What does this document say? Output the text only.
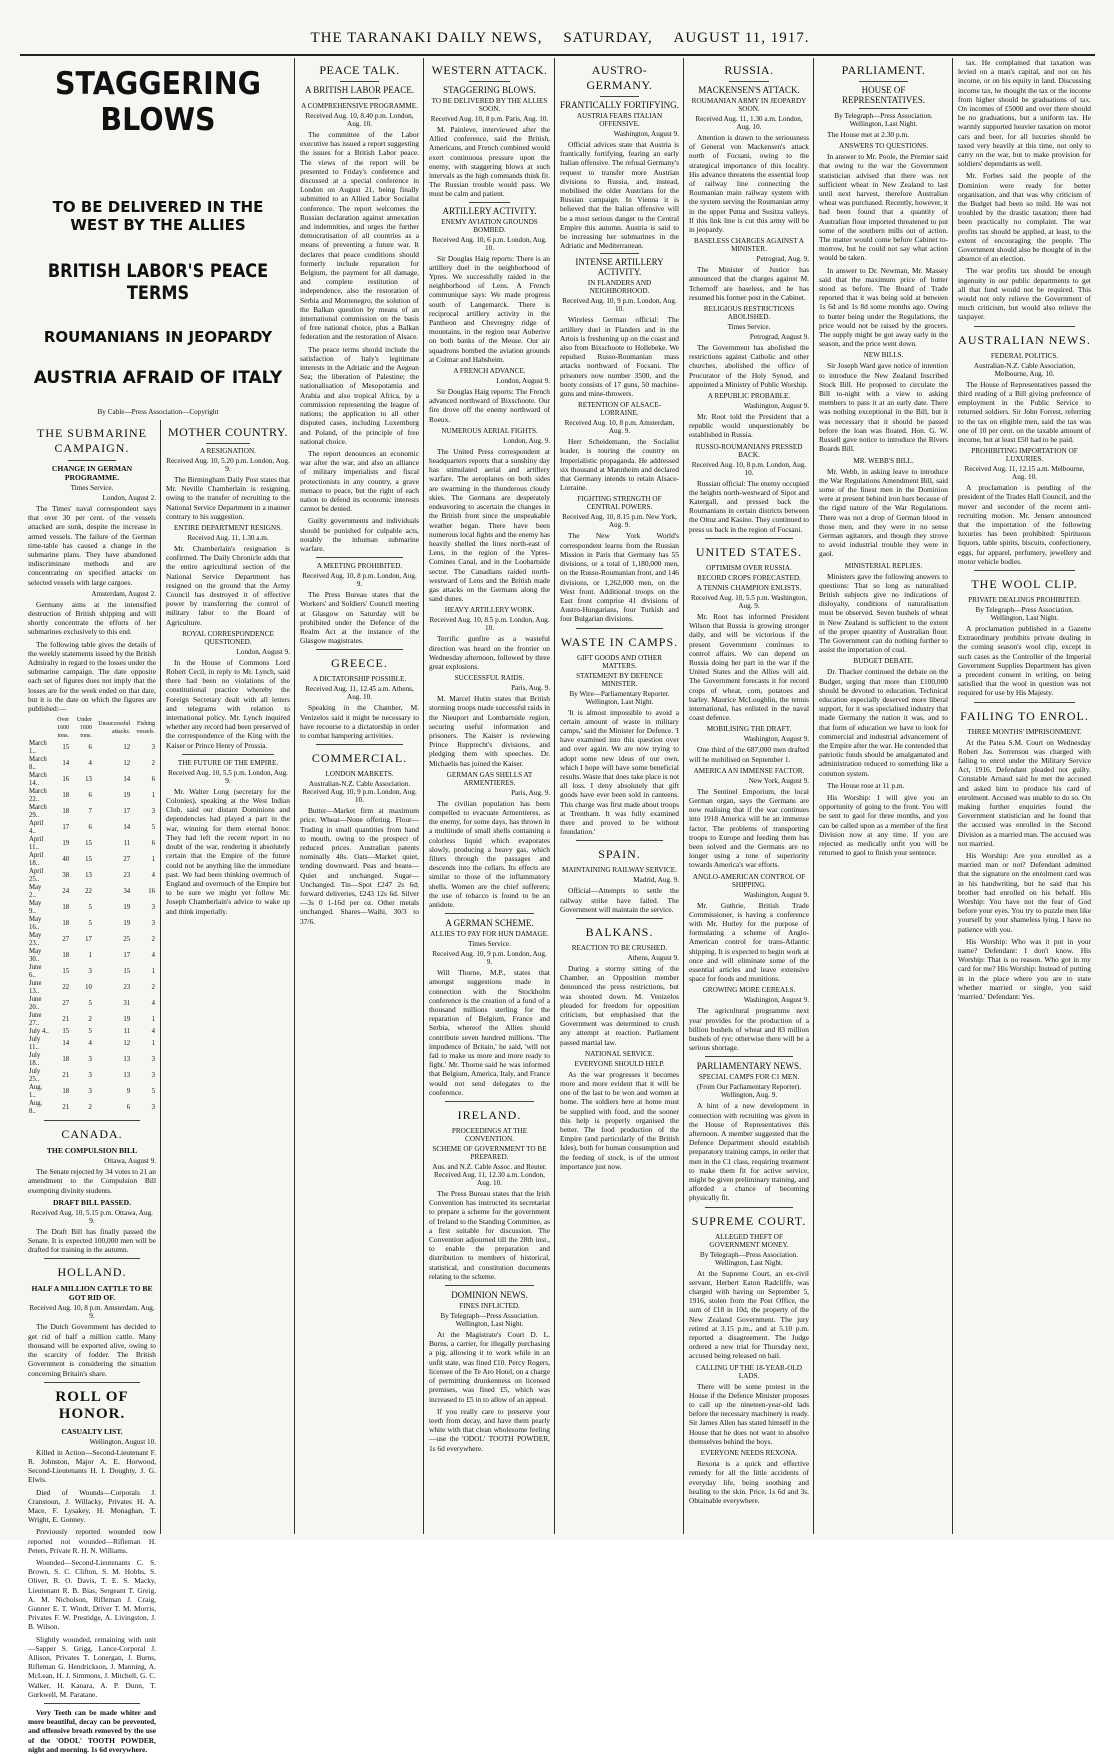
THE TARANAKI DAILY NEWS, SATURDAY, AUGUST 11, 1917.

STAGGERING BLOWS

TO BE DELIVERED IN THE WEST BY THE ALLIES

BRITISH LABOR'S PEACE TERMS

ROUMANIANS IN JEOPARDY

AUSTRIA AFRAID OF ITALY

By Cable—Press Association—Copyright

THE SUBMARINE CAMPAIGN.
CHANGE IN GERMAN PROGRAMME.
Times Service.
London, August 2.

The Times' naval correspondent says that over 30 per cent. of the vessels attacked are sunk, despite the increase in armed vessels. The failure of the German time-table has caused a change in the submarine plans. They have abandoned indiscriminate methods and are concentrating on specified attacks on selected vessels with large cargoes.

Amsterdam, August 2.

Germany aims at the intensified destruction of British shipping and will shortly concentrate the efforts of her submarines exclusively to this end.

The following table gives the details of the weekly statements issued by the British Admiralty in regard to the losses under the submarine campaign. The date opposite each set of figures does not imply that the losses are for the week ended on that date, but it is the date on which the figures are published:—

	Over 1600 tons.	Under 1600 tons.	Unsuccessful attacks.	Fishing vessels.
March 1..	15	6	12	3
March 8..	14	4	12	2
March 14..	16	13	14	6
March 22..	18	6	19	1
March 29..	18	7	17	3
April 4..	17	6	14	5
April 11..	19	15	11	6
April 18..	40	15	27	1
April 25..	38	13	23	4
May 2..	24	22	34	16
May 9..	18	5	19	3
May 16..	18	5	19	3
May 23..	27	17	25	2
May 30..	18	1	17	4
June 6..	15	3	15	1
June 13..	22	10	23	2
June 20..	27	5	31	4
June 27..	21	2	19	1
July 4..	15	5	11	4
July 11..	14	4	12	1
July 18..	18	3	13	3
July 25..	21	3	13	3
Aug. 1..	18	3	9	5
Aug. 8..	21	2	6	3
CANADA.
THE COMPULSION BILL
Ottawa, August 9.

The Senate rejected by 34 votes to 21 an amendment to the Compulsion Bill exempting divinity students.

DRAFT BILL PASSED.
Received Aug. 10, 5.15 p.m. Ottawa, Aug. 9.

The Draft Bill has finally passed the Senate. It is expected 100,000 men will be drafted for training in the autumn.

HOLLAND.
HALF A MILLION CATTLE TO BE GOT RID OF.
Received Aug. 10, 8 p.m. Amsterdam, Aug. 9.

The Dutch Government has decided to get rid of half a million cattle. Many thousand will be exported alive, owing to the scarcity of fodder. The British Government is considering the situation concerning Britain's share.

ROLL OF HONOR.
CASUALTY LIST.
Wellington, August 10.

Killed in Action—Second-Lieutenant F. R. Johnston, Major A. E. Horwood, Second-Lieutenants H. I. Doughty, J. G. Elwis.

Died of Wounds—Corporals J. Cranstoun, J. Willacky, Privates H. A. Mace, F. Lysakey, H. Monaghan, T. Wright, E. Gonney.

Previously reported wounded now reported not wounded—Rifleman H. Peters, Private R. H. N. Williams.

Wounded—Second-Lieutenants C. S. Brown, S. C. Clifton, S. M. Hobbs, S. Oliver, R. O. Davis, T. E. S. Macky, Lieutenant R. B. Bias, Sergeant T. Greig, A. M. Nicholson, Rifleman J. Craig, Gunner E. T. Windt, Driver T. M. Morris, Privates F. W. Prestidge, A. Livingston, J. B. Wilson.

Slightly wounded, remaining with unit—Sapper S. Grigg, Lance-Corporal J. Allison, Privates T. Lonergan, J. Burns, Rifleman G. Hendrickson, J. Manning, A. McLean, H. J. Simmons, J. Mitchell, G. C. Walker, H. Kanara, A. P. Dunn, T. Gurkwell, M. Paratane.

Very Teeth can be made whiter and more beautiful, decay can be prevented, and offensive breath removed by the use of the 'ODOL' TOOTH POWDER, night and morning. 1s 6d everywhere.

PEACE TALK.
A BRITISH LABOR PEACE.
A COMPREHENSIVE PROGRAMME.
Received Aug. 10, 8.40 p.m. London, Aug. 10.

The committee of the Labor executive has issued a report suggesting the issues for a British Labor peace. The views of the report will be presented to Friday's conference and discussed at a special conference in London on August 21, being finally submitted to an Allied Labor Socialist conference. The report welcomes the Russian declaration against annexation and indemnities, and urges the further democratisation of all countries as a means of preventing a future war. It declares that peace conditions should formerly include reparation for Belgium, the payment for all damage, and complete restitution of independence, also the restoration of Serbia and Montenegro, the solution of the Balkan question by means of an international commission on the basis of free national choice, plus a Balkan federation and the restoration of Alsace.

The peace terms should include the satisfaction of Italy's legitimate interests in the Adriatic and the Aegean Sea; the liberation of Palestine; the nationalisation of Mesopotamia and Arabia and also tropical Africa, by a commission representing the league of nations; the application to all other disputed cases, including Luxemburg and Poland, of the principle of free national choice.

The report denounces an economic war after the war, and also an alliance of military imperialists and fiscal protectionists in any country, a grave menace to peace, but the right of each nation to defend its economic interests cannot be denied.

Guilty governments and individuals should be punished for culpable acts, notably the inhuman submarine warfare.

A MEETING PROHIBITED.
Received Aug. 10, 8 p.m. London, Aug. 9.

The Press Bureau states that the Workers' and Soldiers' Council meeting at Glasgow on Saturday will be prohibited under the Defence of the Realm Act at the instance of the Glasgow magistrates.

GREECE.
A DICTATORSHIP POSSIBLE.
Received Aug. 11, 12.45 a.m. Athens, Aug. 10.

Speaking in the Chamber, M. Venizelos said it might be necessary to have recourse to a dictatorship in order to combat hampering activities.

COMMERCIAL.
LONDON MARKETS.
Australian-N.Z. Cable Association. Received Aug. 10, 9 p.m. London, Aug. 10.

Butter—Market firm at maximum price. Wheat—None offering. Flour—Trading in small quantities from hand to mouth, owing to the prospect of reduced prices. Australian patents nominally 48s. Oats—Market quiet, tending downward. Peas and beans—Quiet and unchanged. Sugar—Unchanged. Tin—Spot £247 2s 6d; forward deliveries, £243 12s 6d. Silver—3s 0 1-16d per oz. Other metals unchanged. Shares—Waihi, 30/3 to 37/6.

MOTHER COUNTRY.
A RESIGNATION.
Received Aug. 10, 5.20 p.m. London, Aug. 9.

The Birmingham Daily Post states that Mr. Neville Chamberlain is resigning, owing to the transfer of recruiting to the National Service Department in a manner contrary to his suggestion.

ENTIRE DEPARTMENT RESIGNS.
Received Aug. 11, 1.30 a.m.

Mr. Chamberlain's resignation is confirmed. The Daily Chronicle adds that the entire agricultural section of the National Service Department has resigned on the ground that the Army Council has destroyed it of effective power by transferring the control of military labor to the Board of Agriculture.

ROYAL CORRESPONDENCE QUESTIONED.
London, August 9.

In the House of Commons Lord Robert Cecil, in reply to Mr. Lynch, said there had been no violations of the constitutional practice whereby the Foreign Secretary dealt with all letters and telegrams with relation to international policy. Mr. Lynch inquired whether any record had been preserved of the correspondence of the King with the Kaiser or Prince Henry of Prussia.

THE FUTURE OF THE EMPIRE.
Received Aug. 10, 5.5 p.m. London, Aug. 9.

Mr. Walter Long (secretary for the Colonies), speaking at the West Indian Club, said our distant Dominions and dependencies had played a part in the war, winning for them eternal honor. They had left the recent report in no doubt of the war, rendering it absolutely certain that the Empire of the future could not be anything like the immediate past. We had been thinking overmuch of England and overmuch of the Empire but to be sure we might yet follow Mr. Joseph Chamberlain's advice to wake up and think imperially.

WESTERN ATTACK.
STAGGERING BLOWS.
TO BE DELIVERED BY THE ALLIES SOON.
Received Aug. 10, 8 p.m. Paris, Aug. 10.

M. Painleve, interviewed after the Allied conference, said the British, Americans, and French combined would exert continuous pressure upon the enemy, with staggering blows at such intervals as the high commands think fit. The Russian trouble would pass. We must be calm and patient.

ARTILLERY ACTIVITY.
ENEMY AVIATION GROUNDS BOMBED.
Received Aug. 10, 6 p.m. London, Aug. 10.

Sir Douglas Haig reports: There is an artillery duel in the neighborhood of Ypres. We successfully raided in the neighborhood of Lens. A French communique says: We made progress south of Langemarck. There is reciprocal artillery activity in the Pantheon and Chevregny ridge of mountains, in the region near Auberive on both banks of the Meuse. Our air squadrons bombed the aviation grounds at Colmar and Habsheim.

A FRENCH ADVANCE.
London, August 9.

Sir Douglas Haig reports: The French advanced northward of Bixschoote. Our fire drove off the enemy northward of Roeux.

NUMEROUS AERIAL FIGHTS.
London, Aug. 9.

The United Press correspondent at headquarters reports that a sunshiny day has stimulated aerial and artillery warfare. The aeroplanes on both sides are swarming in the thunderous cloudy skies. The Germans are desperately endeavoring to ascertain the changes in the British front since the unspeakable weather began. There have been numerous local fights and the enemy has heavily shelled the lines north-east of Lens, in the region of the Ypres-Comines Canal, and in the Loobartside sector. The Canadians raided north-westward of Lens and the British made gas attacks on the Germans along the sand dunes.

HEAVY ARTILLERY WORK.
Received Aug. 10, 8.5 p.m. London, Aug. 10.

Terrific gunfire as a wasteful direction was heard on the frontier on Wednesday afternoon, followed by three great explosions.

SUCCESSFUL RAIDS.
Paris, Aug. 9.

M. Marcel Hutin states that British storming troops made successful raids in the Nieuport and Lombartside region, securing useful information and prisoners. The Kaiser is reviewing Prince Rupprecht's divisions, and pledging them with speeches. Dr. Michaelis has joined the Kaiser.

GERMAN GAS SHELLS AT ARMENTIERES.
Paris, Aug. 9.

The civilian population has been compelled to evacuate Armentieres, as the enemy, for some days, has thrown in a multitude of small shells containing a colorless liquid which evaporates slowly, producing a heavy gas, which filters through the passages and descends into the cellars. Its effects are similar to those of the inflammatory shells. Women are the chief sufferers; the use of tobacco is found to be an antidote.

A GERMAN SCHEME.
ALLIES TO PAY FOR HUN DAMAGE.
Times Service.
Received Aug. 10, 9 p.m. London, Aug. 9.

Will Thorne, M.P., states that amongst suggestions made in connection with the Stockholm conference is the creation of a fund of a thousand millions sterling for the reparation of Belgium, France and Serbia, whereof the Allies should contribute seven hundred millions. 'The impudence of Britain,' he said, 'will not fail to make us more and more ready to fight.' Mr. Thorne said he was informed that Belgium, America, Italy, and France would not send delegates to the conference.

IRELAND.
PROCEEDINGS AT THE CONVENTION.
SCHEME OF GOVERNMENT TO BE PREPARED.
Aus. and N.Z. Cable Assoc. and Reuter. Received Aug. 11, 12.30 a.m. London, Aug. 10.

The Press Bureau states that the Irish Convention has instructed its secretariat to prepare a scheme for the government of Ireland to the Standing Committee, as a first suitable for discussion. The Convention adjourned till the 28th inst., to enable the preparation and distribution to members of historical, statistical, and constitution documents relating to the scheme.

DOMINION NEWS.
FINES INFLICTED.
By Telegraph—Press Association. Wellington, Last Night.

At the Magistrate's Court D. L. Burns, a carrier, for illegally purchasing a pig, allowing it to work while in an unfit state, was fined £10. Percy Rogers, licensee of the Te Aro Hotel, on a charge of permitting drunkenness on licensed premises, was fined £5, which was increased to £5 in to allow of an appeal.

If you really care to preserve your teeth from decay, and have them pearly white with that clean wholesome feeling—use the 'ODOL' TOOTH POWDER, 1s 6d everywhere.

AUSTRO-GERMANY.
FRANTICALLY FORTIFYING.
AUSTRIA FEARS ITALIAN OFFENSIVE.
Washington, August 9.

Official advices state that Austria is frantically fortifying, fearing an early Italian offensive. The refusal Germany's request to transfer more Austrian divisions to Russia, and, instead, mobilised the older Austrians for the Russian campaign. In Vienna it is believed that the Italian offensive will be a most serious danger to the Central Empire this autumn. Austria is said to be increasing her submarines in the Adriatic and Mediterranean.

INTENSE ARTILLERY ACTIVITY.
IN FLANDERS AND NEIGHBORHOOD.
Received Aug. 10, 9 p.m. London, Aug. 10.

Wireless German official: The artillery duel in Flanders and in the Artois is freshening up on the coast and also from Bixschoote to Hollebeke. We repulsed Russo-Roumanian mass attacks northward of Focsani. The prisoners now number 3500, and the booty consists of 17 guns, 50 machine-guns and mine-throwers.

RETENTION OF ALSACE-LORRAINE.
Received Aug. 10, 8 p.m. Amsterdam, Aug. 9.

Herr Scheidemann, the Socialist leader, is touring the country on Imperialistic propaganda. He addressed six thousand at Mannheim and declared that Germany intends to retain Alsace-Lorraine.

FIGHTING STRENGTH OF CENTRAL POWERS.
Received Aug. 10, 8.15 p.m. New York, Aug. 9.

The New York World's correspondent learns from the Russian Mission in Paris that Germany has 55 divisions, or a total of 1,180,000 men, on the Russo-Roumanian front, and 146 divisions, or 1,262,000 men, on the West front. Additional troops on the East front comprise 41 divisions of Austro-Hungarians, four Turkish and four Bulgarian divisions.

WASTE IN CAMPS.
GIFT GOODS AND OTHER MATTERS.
STATEMENT BY DEFENCE MINISTER.
By Wire—Parliamentary Reporter. Wellington, Last Night.

'It is almost impossible to avoid a certain amount of waste in military camps,' said the Minister for Defence. 'I have examined into this question over and over again. We are now trying to adopt some new ideas of our own, which I hope will have some beneficial results. Waste that does take place is not all loss. I deny absolutely that gift goods have ever been sold in canteens. This charge was first made about troops at Trentham. It was fully examined there and proved to be without foundation.'

SPAIN.
MAINTAINING RAILWAY SERVICE.
Madrid, Aug. 9.

Official—Attempts to settle the railway strike have failed. The Government will maintain the service.

BALKANS.
REACTION TO BE CRUSHED.
Athens, August 9.

During a stormy sitting of the Chamber, an Opposition member denounced the press restrictions, but was shouted down. M. Venizelos pleaded for freedom for opposition criticism, but emphasised that the Government was determined to crush any attempt at reaction. Parliament passed martial law.

NATIONAL SERVICE.
EVERYONE SHOULD HELP.

As the war progresses it becomes more and more evident that it will be one of the last to be won and women at home. The soldiers here at home must be supplied with food, and the sooner this help is properly organised the better. The food production of the Empire (and particularly of the British Isles), both for human consumption and the feeding of stock, is of the utmost importance just now.

RUSSIA.
MACKENSEN'S ATTACK.
ROUMANIAN ARMY IN JEOPARDY SOON.
Received Aug. 11, 1.30 a.m. London, Aug. 10.

Attention is drawn to the seriousness of General von Mackensen's attack north of Focsani, owing to the strategical importance of this locality. His advance threatens the essential loop of railway line connecting the Roumanian main railway system with the system serving the Roumanian army in the upper Putna and Susitza valleys. If this link line is cut this army will be in jeopardy.

BASELESS CHARGES AGAINST A MINISTER.
Petrograd, Aug. 9.

The Minister of Justice has announced that the charges against M. Tchernoff are baseless, and he has resumed his former post in the Cabinet.

RELIGIOUS RESTRICTIONS ABOLISHED.
Times Service.
Petrograd, August 9.

The Government has abolished the restrictions against Catholic and other churches, abolished the office of Procurator of the Holy Synod, and appointed a Ministry of Public Worship.

A REPUBLIC PROBABLE.
Washington, August 9.

Mr. Root told the President that a republic would unquestionably be established in Russia.

RUSSO-ROUMANIANS PRESSED BACK.
Received Aug. 10, 8 p.m. London, Aug. 10.

Russian official: The enemy occupied the heights north-westward of Sipot and Katergall, and pressed back the Roumanians in certain districts between the Oituz and Kasino. They continued to press us back in the region of Focsani.

UNITED STATES.
OPTIMISM OVER RUSSIA.
RECORD CROPS FORECASTED.
A TENNIS CHAMPION ENLISTS.
Received Aug. 10, 5.5 p.m. Washington, Aug. 9.

Mr. Root has informed President Wilson that Russia is growing stronger daily, and will be victorious if the present Government continues to control affairs. We can depend on Russia doing her part in the war if the United States and the Allies will aid. The Government forecasts it for record crops of wheat, corn, potatoes and barley. Maurice McLoughlin, the tennis international, has enlisted in the naval coast defence.

MOBILISING THE DRAFT.
Washington, August 9.

One third of the 687,000 men drafted will be mobilised on September 1.

AMERICA AN IMMENSE FACTOR.
New York, August 9.

The Sentinel Emporium, the local German organ, says the Germans are now realising that if the war continues into 1918 America will be an immense factor. The problems of transporting troops to Europe and feeding them has been solved and the Germans are no longer using a tone of superiority towards America's war efforts.

ANGLO-AMERICAN CONTROL OF SHIPPING.
Washington, August 9.

Mr. Guthrie, British Trade Commissioner, is having a conference with Mr. Hurley for the purpose of formulating a scheme of Anglo-American control for trans-Atlantic shipping. It is expected to begin work at once and will eliminate some of the essential articles and leave extensive space for foods and munitions.

GROWING MORE CEREALS.
Washington, August 9.

The agricultural programme next year provides for the production of a billion bushels of wheat and 83 million bushels of rye; otherwise there will be a serious shortage.

PARLIAMENTARY NEWS.
SPECIAL CAMPS FOR C1 MEN.
(From Our Parliamentary Reporter). Wellington, Aug. 9.

A hint of a new development in connection with recruiting was given in the House of Representatives this afternoon. A member suggested that the Defence Department should establish preparatory training camps, in order that men in the C1 class, requiring treatment to make them fit for active service, might be given preliminary training, and afforded a chance of becoming physically fit.

SUPREME COURT.
ALLEGED THEFT OF GOVERNMENT MONEY.
By Telegraph—Press Association. Wellington, Last Night.

At the Supreme Court, an ex-civil servant, Herbert Eaton Radcliffe, was charged with having on September 5, 1916, stolen from the Post Office, the sum of £18 in 10d, the property of the New Zealand Government. The jury retired at 3.15 p.m., and at 5.10 p.m. reported a disagreement. The Judge ordered a new trial for Thursday next, accused being released on bail.

CALLING UP THE 18-YEAR-OLD LADS.

There will be some protest in the House if the Defence Minister proposes to call up the nineteen-year-old lads before the necessary machinery is ready. Sir James Allen has stated himself in the House that he does not want to absolve themselves behind the boys.

EVERYONE NEEDS REXONA.

Rexona is a quick and effective remedy for all the little accidents of everyday life, being soothing and healing to the skin. Price, 1s 6d and 3s. Obtainable everywhere.

PARLIAMENT.
HOUSE OF REPRESENTATIVES.
By Telegraph—Press Association. Wellington, Last Night.

The House met at 2.30 p.m.

ANSWERS TO QUESTIONS.

In answer to Mr. Poole, the Premier said that owing to the war the Government statistician advised that there was not sufficient wheat in New Zealand to last until next harvest, therefore Australian wheat was purchased. Recently, however, it had been found that a quantity of Australian flour imported threatened to put some of the southern mills out of action. The matter would come before Cabinet to-morrow, but he could not say what action would be taken.

In answer to Dr. Newman, Mr. Massey said that the maximum price of butter stood as before. The Board of Trade reported that it was being sold at between 1s 6d and 1s 8d some months ago. Owing to butter being under the Regulations, the price would not be raised by the grocers. The supply might be got away early in the season, and the price went down.

NEW BILLS.

Sir Joseph Ward gave notice of intention to introduce the New Zealand Inscribed Stock Bill. He proposed to circulate the Bill to-night with a view to asking members to pass it at an early date. There was nothing exceptional in the Bill, but it was necessary that it should be passed before the loan was floated. Hon. G. W. Russell gave notice to introduce the Rivers Boards Bill.

MR. WEBB'S BILL.

Mr. Webb, in asking leave to introduce the War Regulations Amendment Bill, said some of the finest men in the Dominion were at present behind iron bars because of the rigid nature of the War Regulations. There was not a drop of German blood in those men, and they were in no sense German agitators, and though they strove to avoid industrial trouble they were in gaol.

MINISTERIAL REPLIES.

Ministers gave the following answers to questions: That so long as naturalised British subjects give no indications of disloyalty, conditions of naturalisation must be observed. Seven bushels of wheat in New Zealand is sufficient to the extent of the proper quantity of Australian flour. The Government can do nothing further to assist the importation of coal.

BUDGET DEBATE.

Dr. Thacker continued the debate on the Budget, urging that more than £100,000 should be devoted to education. Technical education especially deserved more liberal support, for it was specialised industry that made Germany the nation it was, and to that form of education we have to look for commercial and industrial advancement of the Empire after the war. He contended that patriotic funds should be amalgamated and administration reduced to something like a common system.

The House rose at 11 p.m.

His Worship: I will give you an opportunity of going to the front. You will be sent to gaol for three months, and you can be called upon as a member of the first Division now at any time. If you are rejected as medically unfit you will be returned to gaol to finish your sentence.

tax. He complained that taxation was levied on a man's capital, and not on his income, or on his equity in land. Discussing income tax, he thought the tax or the income from higher should be graduations of tax. On incomes of £5000 and over there should be no graduations, but a uniform tax. He warmly supported heavier taxation on motor cars and beer, for all luxuries should be taxed very heavily at this time, not only to carry on the war, but to make provision for soldiers' dependants as well.

Mr. Forbes said the people of the Dominion were ready for better organisation, and that was why criticism of the Budget had been so mild. He was not troubled by the drastic taxation; there had been practically no complaint. The war profits tax should be applied, at least, to the extent of encouraging the people. The Government should also be thought of in the absence of an election.

The war profits tax should be enough ingenuity in our public departments to get all that fund would not be required. This would not only relieve the Government of much criticism, but would also relieve the taxpayer.

AUSTRALIAN NEWS.
FEDERAL POLITICS.
Australian-N.Z. Cable Association, Melbourne, Aug. 10.

The House of Representatives passed the third reading of a Bill giving preference of employment in the Public Service to returned soldiers. Sir John Forrest, referring to the tax on eligible men, said the tax was one of 10 per cent. on the taxable amount of income, but at least £50 had to be paid.

PROHIBITING IMPORTATION OF LUXURIES.
Received Aug. 11, 12.15 a.m. Melbourne, Aug. 10.

A proclamation is pending of the president of the Trades Hall Council, and the mover and seconder of the recent anti-recruiting motion. Mr. Jensen announced that the importation of the following luxuries has been prohibited: Spirituous liquors, table spirits, biscuits, confectionery, eggs, fur apparel, perfumery, jewellery and motor vehicle bodies.

THE WOOL CLIP.
PRIVATE DEALINGS PROHIBITED.
By Telegraph—Press Association. Wellington, Last Night.

A proclamation published in a Gazette Extraordinary prohibits private dealing in the coming season's wool clip, except in such cases as the Controller of the Imperial Government Supplies Department has given a precedent consent in writing, on being satisfied that the wool in question was not required for use by His Majesty.

FAILING TO ENROL.
THREE MONTHS' IMPRISONMENT.

At the Patea S.M. Court on Wednesday Robert Jas. Sorrenson was charged with failing to enrol under the Military Service Act, 1916. Defendant pleaded not guilty. Constable Arnaud said he met the accused and asked him to produce his card of enrolment. Accused was unable to do so. On making further enquiries found the Government statistician and he found that the accused was enrolled in the Second Division as a married man. The accused was not married.

His Worship: Are you enrolled as a married man or not? Defendant admitted that the signature on the enrolment card was in his handwriting, but he said that his brother had enrolled on his behalf. His Worship: You have not the fear of God before your eyes. You try to puzzle men like yourself by your shameless lying. I have no patience with you.

His Worship: Who was it put in your name? Defendant: I don't know. His Worship: That is no reason. Who got in my card for me? His Worship: Instead of putting in in the place where you are to state whether married or single, you said 'married.' Defendant: Yes.
